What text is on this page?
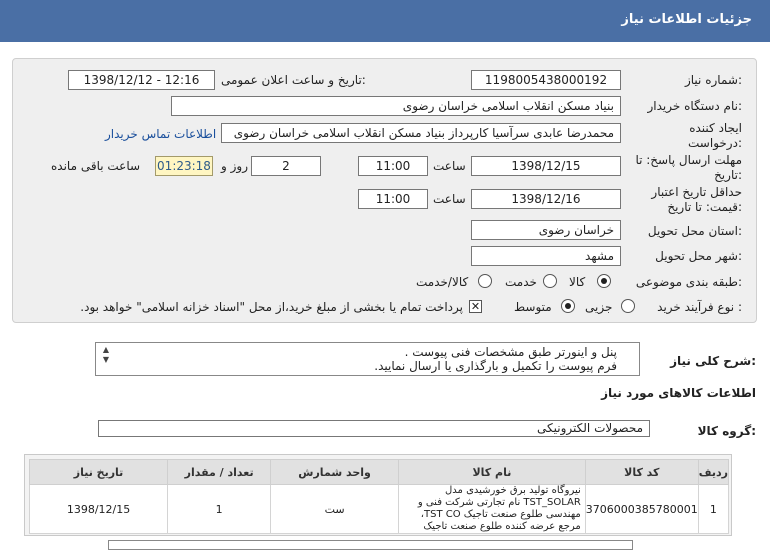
جزئیات اطلاعات نیاز
شماره نیاز:
1198005438000192
تاریخ و ساعت اعلان عمومی:
1398/12/12 - 12:16
نام دستگاه خریدار:
بنیاد مسکن انقلاب اسلامی خراسان رضوی
ایجاد کننده درخواست:
محمدرضا عابدی سرآسیا کارپرداز بنیاد مسکن انقلاب اسلامی خراسان رضوی
اطلاعات تماس خریدار
مهلت ارسال پاسخ: تا تاریخ:
1398/12/15
ساعت
11:00
2
روز و
01:23:18
ساعت باقی مانده
حداقل تاریخ اعتبار قیمت: تا تاریخ:
1398/12/16
ساعت
11:00
استان محل تحویل:
خراسان رضوی
شهر محل تحویل:
مشهد
طبقه بندی موضوعی:
کالا
خدمت
کالا/خدمت
نوع فرآیند خرید :
جزیی
متوسط
✕
پرداخت تمام یا بخشی از مبلغ خرید،از محل "اسناد خزانه اسلامی" خواهد بود.
شرح کلی نیاز:
پنل و اینورتر طبق مشخصات فنی پیوست .
فرم پیوست را تکمیل و بارگذاری یا ارسال نمایید.
▲
▼
اطلاعات کالاهای مورد نیاز
گروه کالا:
محصولات الکترونیکی
ردیف	کد کالا	نام کالا	واحد شمارش	تعداد / مقدار	تاریخ نیاز
1	3706000385780001	نیروگاه تولید برق خورشیدی مدل TST_SOLAR نام تجارتی شرکت فنی و مهندسی طلوع صنعت تاجیک TST CO، مرجع عرضه کننده طلوع صنعت تاجیک	ست	1	1398/12/15
